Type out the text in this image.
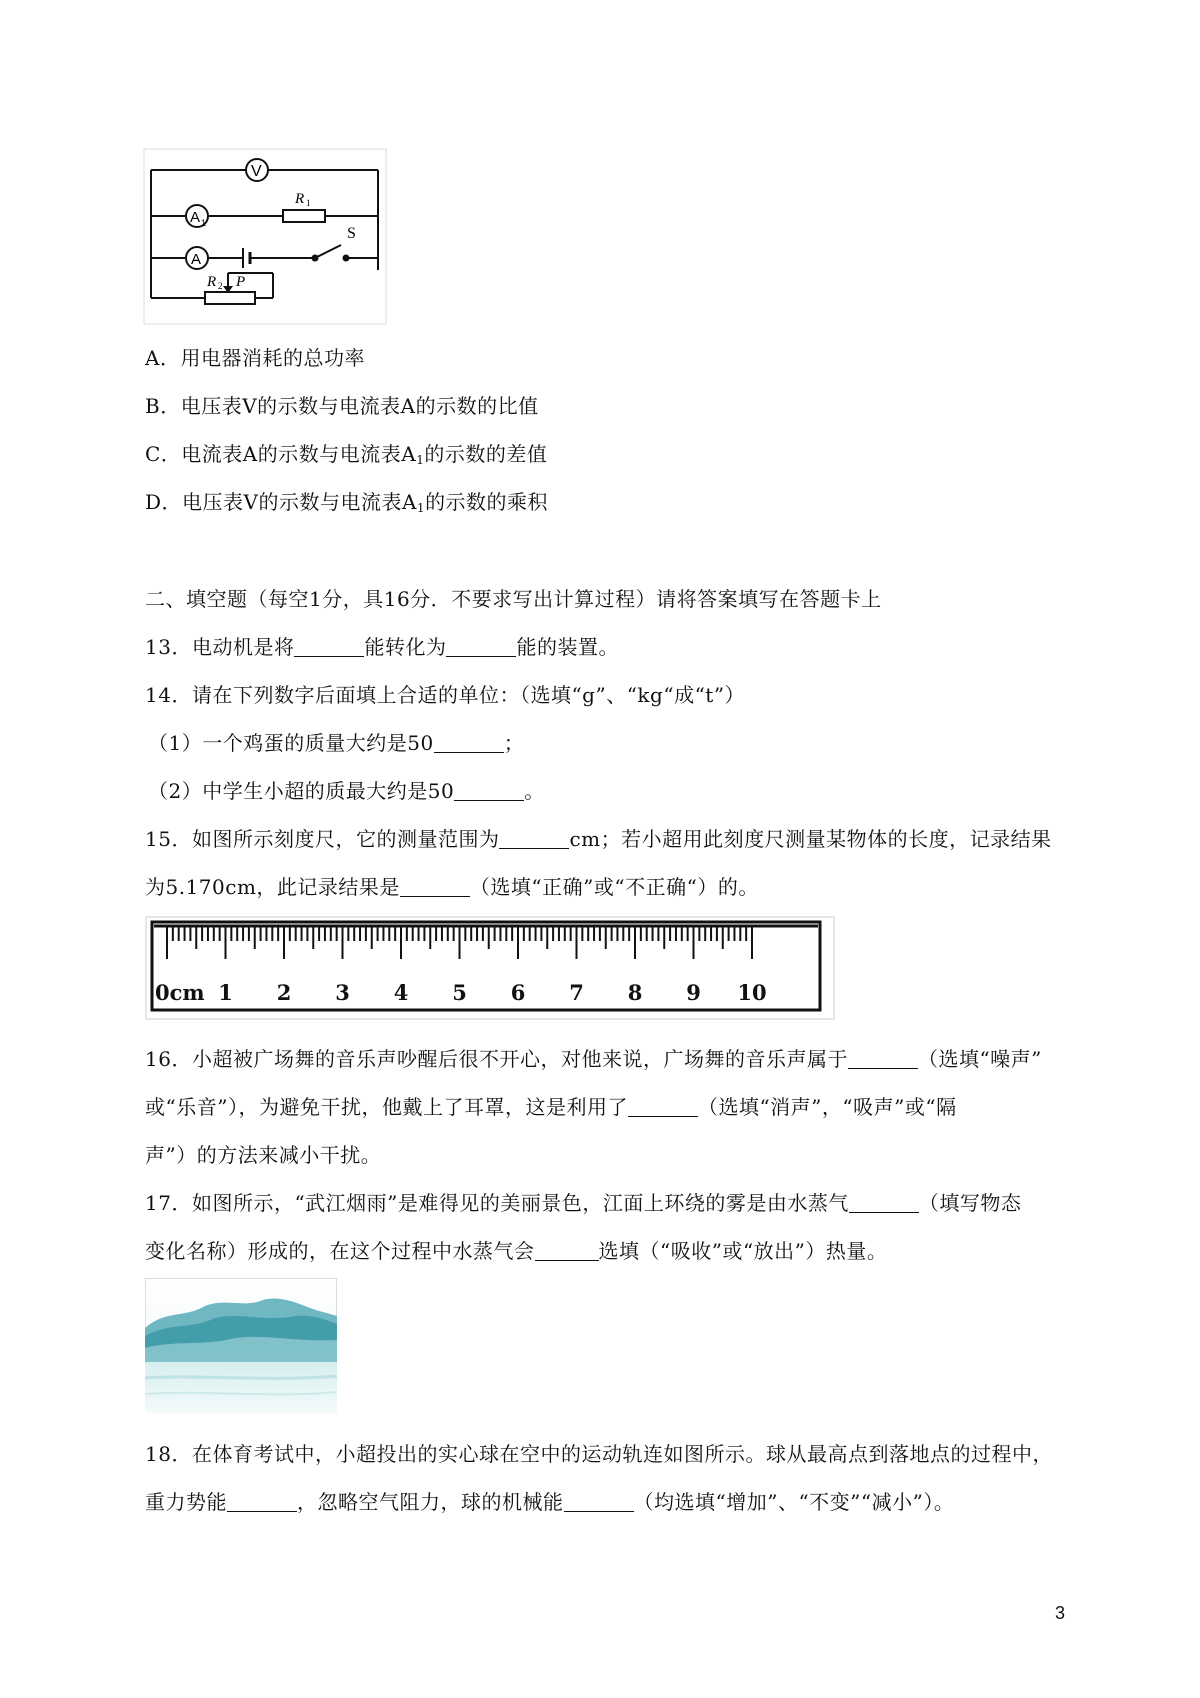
V
A 1
A
R 1
S
R 2 P
A．用电器消耗的总功率
B．电压表V的示数与电流表A的示数的比值
C．电流表A的示数与电流表$A_1$的示数的差值
D．电压表V的示数与电流表$A_1$的示数的乘积
二、填空题（每空1分，具16分．不要求写出计算过程）请将答案填写在答题卡上
13．电动机是将	能转化为	能的装置。
14．请在下列数字后面填上合适的单位：（选填“g”、“kg“成“t”）
（1）一个鸡蛋的质量大约是50	；
（2）中学生小超的质最大约是50	。
15．如图所示刻度尺，它的测量范围为	cm；若小超用此刻度尺测量某物体的长度，记录结果
为5.170cm，此记录结果是	（选填“正确”或“不正确“）的。
0cm 1 2 3 4 5 6 7 8 9 10
16．小超被广场舞的音乐声吵醒后很不开心，对他来说，广场舞的音乐声属于	（选填“噪声”
或“乐音”），为避免干扰，他戴上了耳罩，这是利用了	（选填“消声”，“吸声”或“隔
声”）的方法来减小干扰。
17．如图所示，“武江烟雨”是难得见的美丽景色，江面上环绕的雾是由水蒸气	（填写物态
变化名称）形成的，在这个过程中水蒸气会	选填（“吸收”或“放出”）热量。
18．在体育考试中，小超投出的实心球在空中的运动轨连如图所示。球从最高点到落地点的过程中，
重力势能	，忽略空气阻力，球的机械能	（均选填“增加”、“不变”“减小”）。
3
